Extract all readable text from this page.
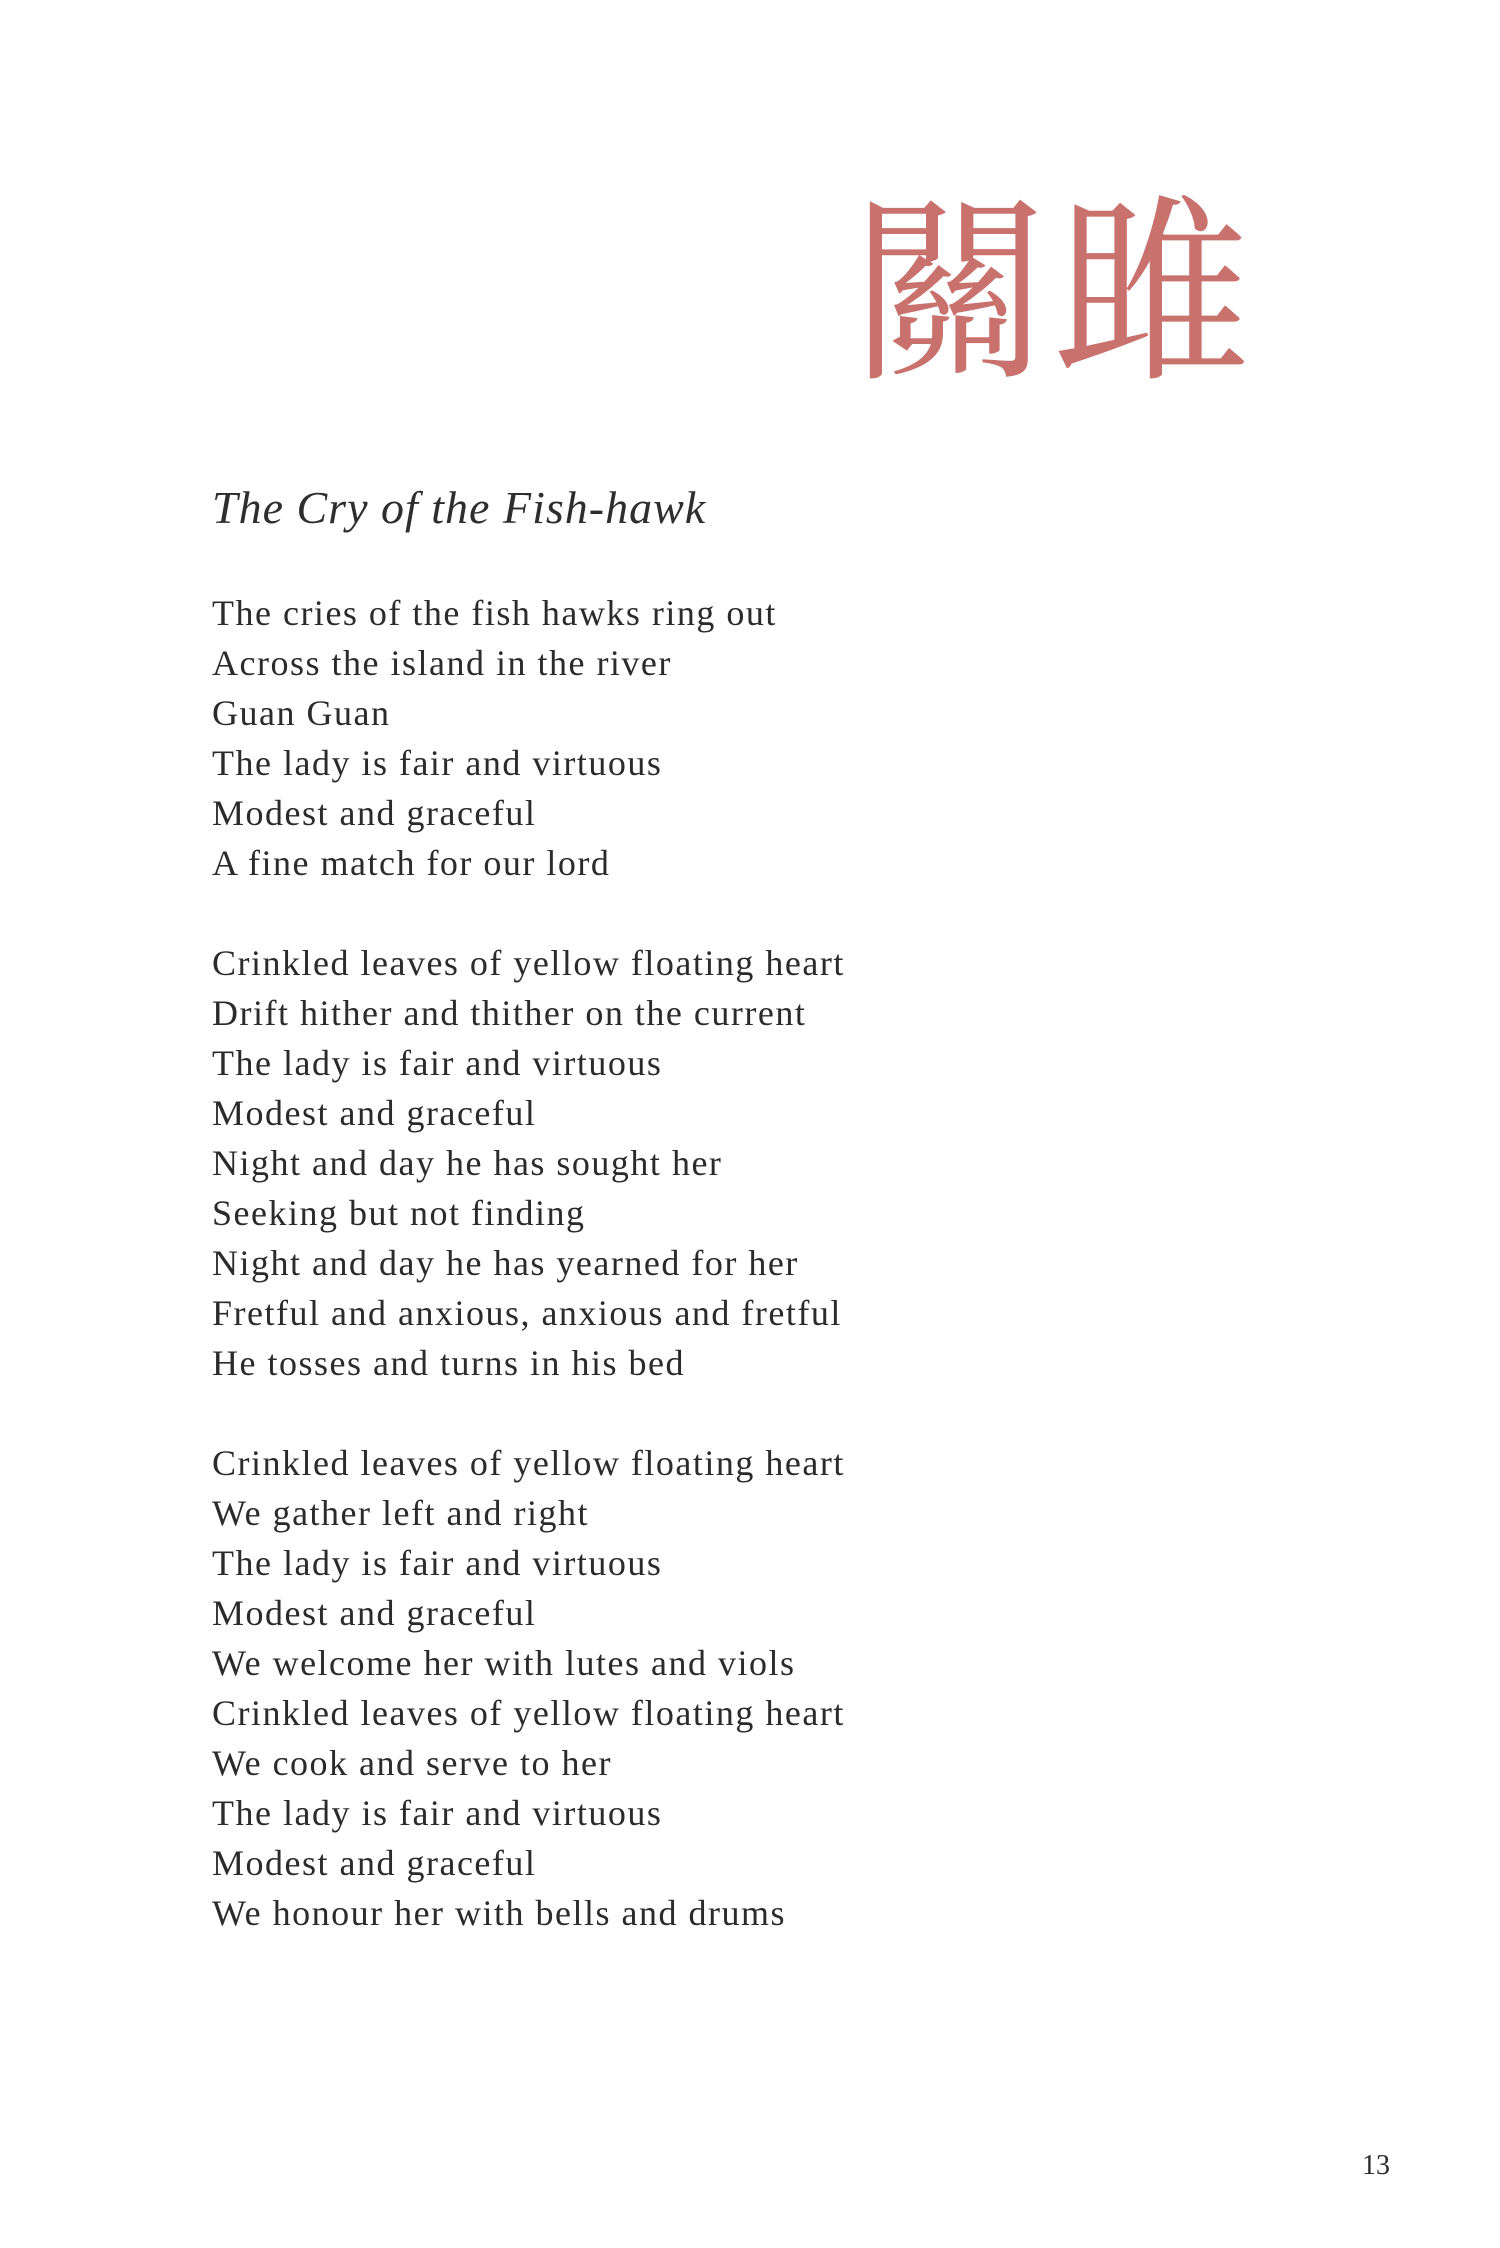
關雎
The Cry of the Fish-hawk
The cries of the fish hawks ring out
Across the island in the river
Guan Guan
The lady is fair and virtuous
Modest and graceful
A fine match for our lord
Crinkled leaves of yellow floating heart
Drift hither and thither on the current
The lady is fair and virtuous
Modest and graceful
Night and day he has sought her
Seeking but not finding
Night and day he has yearned for her
Fretful and anxious, anxious and fretful
He tosses and turns in his bed
Crinkled leaves of yellow floating heart
We gather left and right
The lady is fair and virtuous
Modest and graceful
We welcome her with lutes and viols
Crinkled leaves of yellow floating heart
We cook and serve to her
The lady is fair and virtuous
Modest and graceful
We honour her with bells and drums
13
